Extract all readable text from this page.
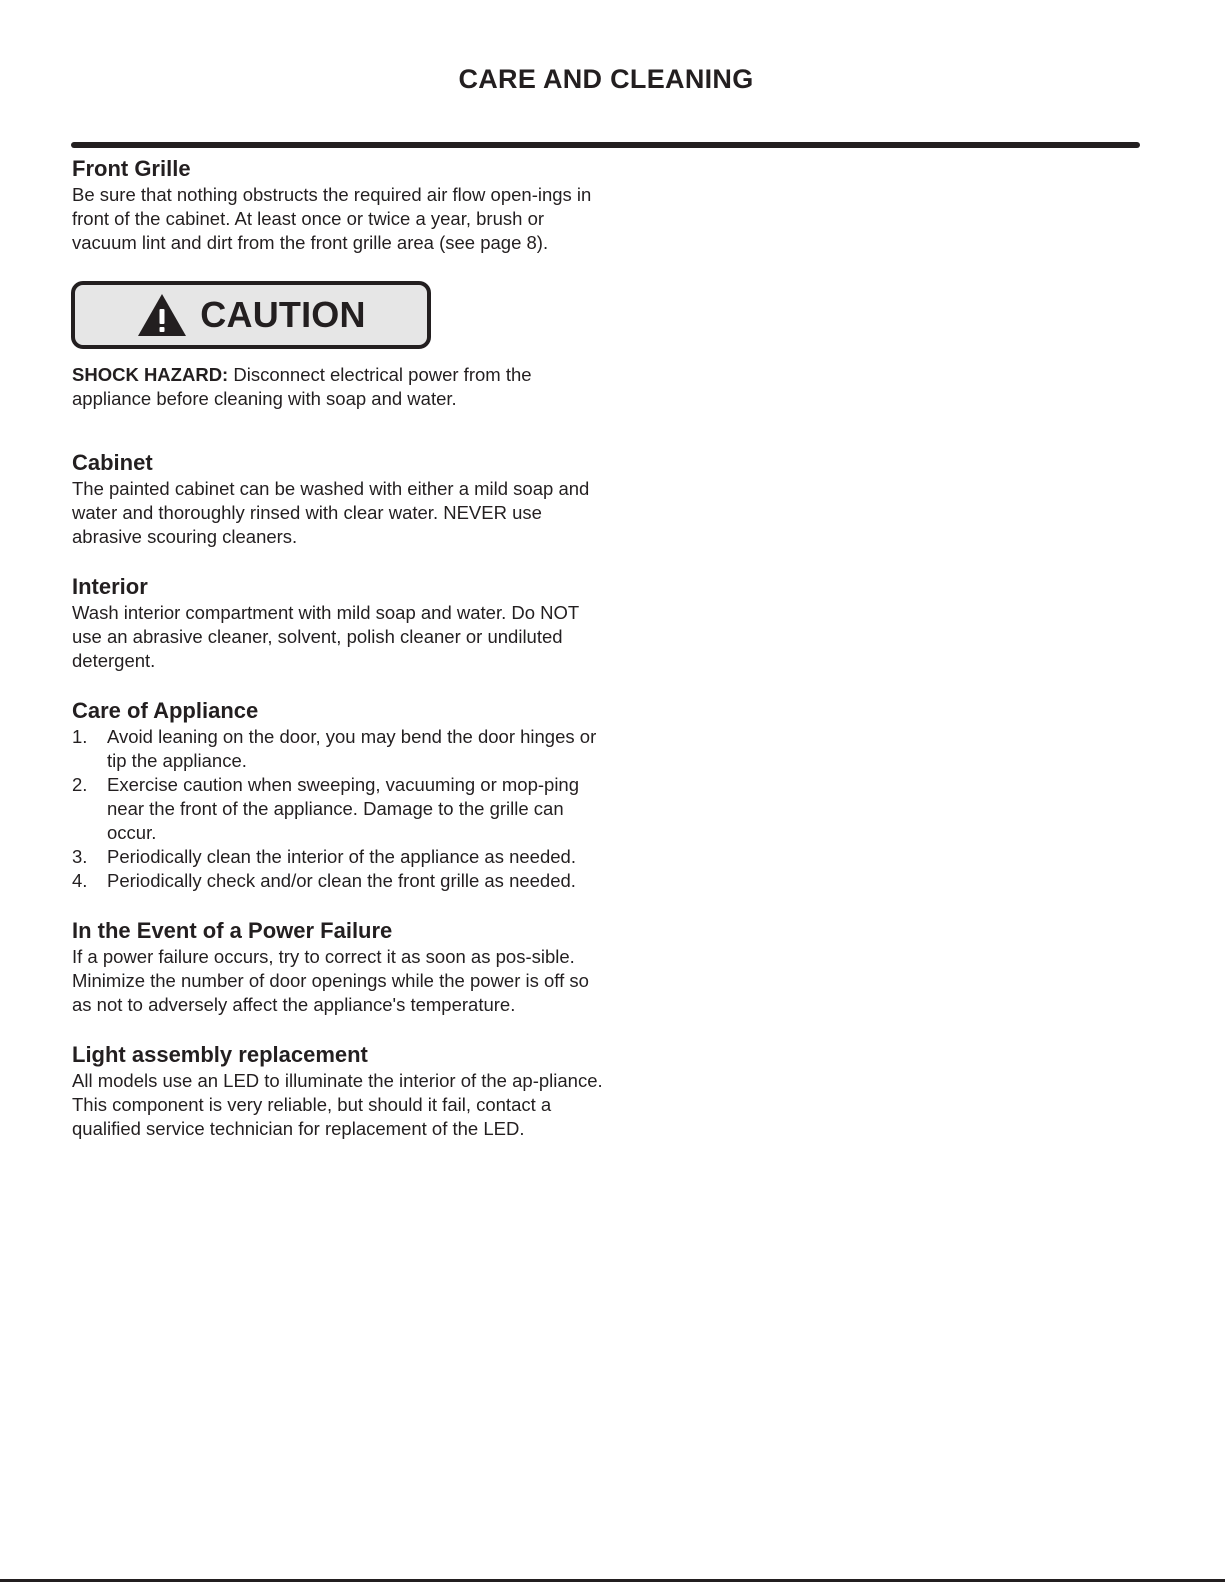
CARE AND CLEANING
Front Grille

Be sure that nothing obstructs the required air flow open-ings in front of the cabinet. At least once or twice a year, brush or vacuum lint and dirt from the front grille area (see page 8).

CAUTION

SHOCK HAZARD: Disconnect electrical power from the appliance before cleaning with soap and water.

Cabinet

The painted cabinet can be washed with either a mild soap and water and thoroughly rinsed with clear water. NEVER use abrasive scouring cleaners.

Interior

Wash interior compartment with mild soap and water. Do NOT use an abrasive cleaner, solvent, polish cleaner or undiluted detergent.

Care of Appliance
1.	Avoid leaning on the door, you may bend the door hinges or tip the appliance.
2.	Exercise caution when sweeping, vacuuming or mop-ping near the front of the appliance. Damage to the grille can occur.
3.	Periodically clean the interior of the appliance as needed.
4.	Periodically check and/or clean the front grille as needed.
In the Event of a Power Failure

If a power failure occurs, try to correct it as soon as pos-sible. Minimize the number of door openings while the power is off so as not to adversely affect the appliance's temperature.

Light assembly replacement

All models use an LED to illuminate the interior of the ap-pliance. This component is very reliable, but should it fail, contact a qualified service technician for replacement of the LED.
